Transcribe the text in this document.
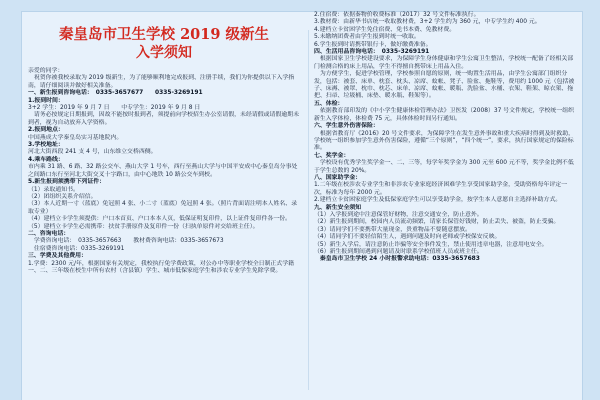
秦皇岛市卫生学校 2019 级新生
入学须知

亲爱的同学：

　祝贺你被我校录取为 2019 级新生，为了能够顺利地完成报到、注册手续，我们为你提供以下入学指南，请仔细阅读并做好相关准备。

一、新生报到咨询电话：　0335-3657677　　0335-3269191

1.报到时间：

3+2 学生：2019 年 9 月 7 日　　中专学生：2019 年 9 月 8 日

　请务必按规定日期报到，因故不能按时报到者，须提前向学校招生办公室请假，未经请假或请假逾期未到者，视为自动放弃入学资格。

2.报到地点：

中国燕成大学秦皇岛实习基地院内。

3.学校地址：

河北大街西段 241 支 4 号，山东维立交桥西侧。

4.乘车路线：

市内乘 31 路、6 路、32 路公交车、燕山大学 1 号车，西行至燕山大学与中国平安成中心秦皇岛分事处之间路口东行至河北大街交叉十字路口，由中心地铁 10 路公交车到校。

5.新生报到须携带下列证件：

（1）录取通知书。

（2）团组织关系介绍信。

（3）本人近期一寸（蓝底）免冠照 4 张、小二寸（蓝底）免冠照 4 张。（照片背面请注明本人姓名、录取专业）

（4）建档立卡学生须提供：户口本首页、户口本本人页，低保证明复印件，以上证件复印件各一份。

（5）建档立卡学生必需携带：扶贫手册原件及复印件一份（扫执单原件对交给班主任）。

二、咨询电话：

　学费咨询电话：　0335-3657663　　教材费咨询电话：0335-3657673

　住宿费咨询电话：0335-3269191

三、学费及其他费用：

1.学费：2300 元/年，根据国家有关规定，我校执行免学费政策，对公办中等职业学校全日制正式学籍一、二、三年级在校生中所有农村（含县镇）学生、城市低保家庭学生和涉农专业学生免除学费。

2.住宿费：依据秦物价收费标准（2017）32 号文件标准执行。

3.教材费：由新华书店统一收取教材费，3+2 学生约为 360 元，中专学生约 400 元。

4.建档立卡贫困学生免住宿费、免书本费、免教材费。

5.未缴纳团费者由学生报到时统一收取。

6.学生报到时请携带银行卡，做好缴费准备。

四、生活用品咨询电话：　0335-3269191

　根据国家卫生学校建设要求，为保障学生身体健康和学生公寓卫生整洁，学校统一配备了经相关部门检测合格的床上用品，学生不得擅自携带床上用品入住。

　为方便学生，促进学校管理，学校参照自愿的原则，统一购置生活用品，由学生公寓部门组织分发，包括：被套、床单、枕套、枕头、凉席、蚊帐、凳子、脸盆、拖鞋等，费用约 1000 元（包括被子、床褥、被罩、枕巾、枕芯、床单、凉席、蚊帐、暖瓶、洗脸盆、水桶、衣架、鞋架、晾衣架、拖把、扫帚、垃圾桶、床垫、暖水瓶、鞋架等）。

五、体检：

　依据教育部印发的《中小学生健康体检管理办法》卫医发（2008）37 号文件规定，学校统一组织新生入学体检，体检费 75 元，具体体检时间另行通知。

六、学生意外伤害保险：

　根据省教育厅《2016》20 号文件要求，为保障学生在发生意外事故和重大疾病时得到及时救助，学校统一组织参加学生意外伤害保险，遵循“三个原则”，“四个统一”，要求，执行国家规定的保险标准。

七、奖学金：

　学校设有优秀学生奖学金一、二、三等，每学年奖学金为 300 元至 600 元不等，奖学金比例不低于学生总数的 20%。

八、国家助学金：

1.二年级在校涉农专业学生和非涉农专业家庭经济困难学生享受国家助学金，受助资格每年评定一次，标准为每年 2000 元。

2.建档立卡贫困家庭学生及低保家庭学生可以享受助学金，按学生本人意愿自主选择补助方式。

九、新生安全须知

（1）入学报到途中注意保管好财物，注意交通安全，防止意外。

（2）新生报到期间，校园内人员流动频繁，请家长保管好钱财，防止丢失、被盗，防止受骗。

（3）请同学们不要携带大量现金，贵重物品不要随意摆放。

（4）请同学们不要轻信陌生人，遇到问题及时向老师或学校保安反映。

（5）新生入学后，请注意防止诈骗等安全事件发生，禁止使用违章电器，注意用电安全。

（6）新生报到期间遇到问题请及时联系学校值班人员或班主任。

　秦皇岛市卫生学校 24 小时报警求助电话：0335-3657683
